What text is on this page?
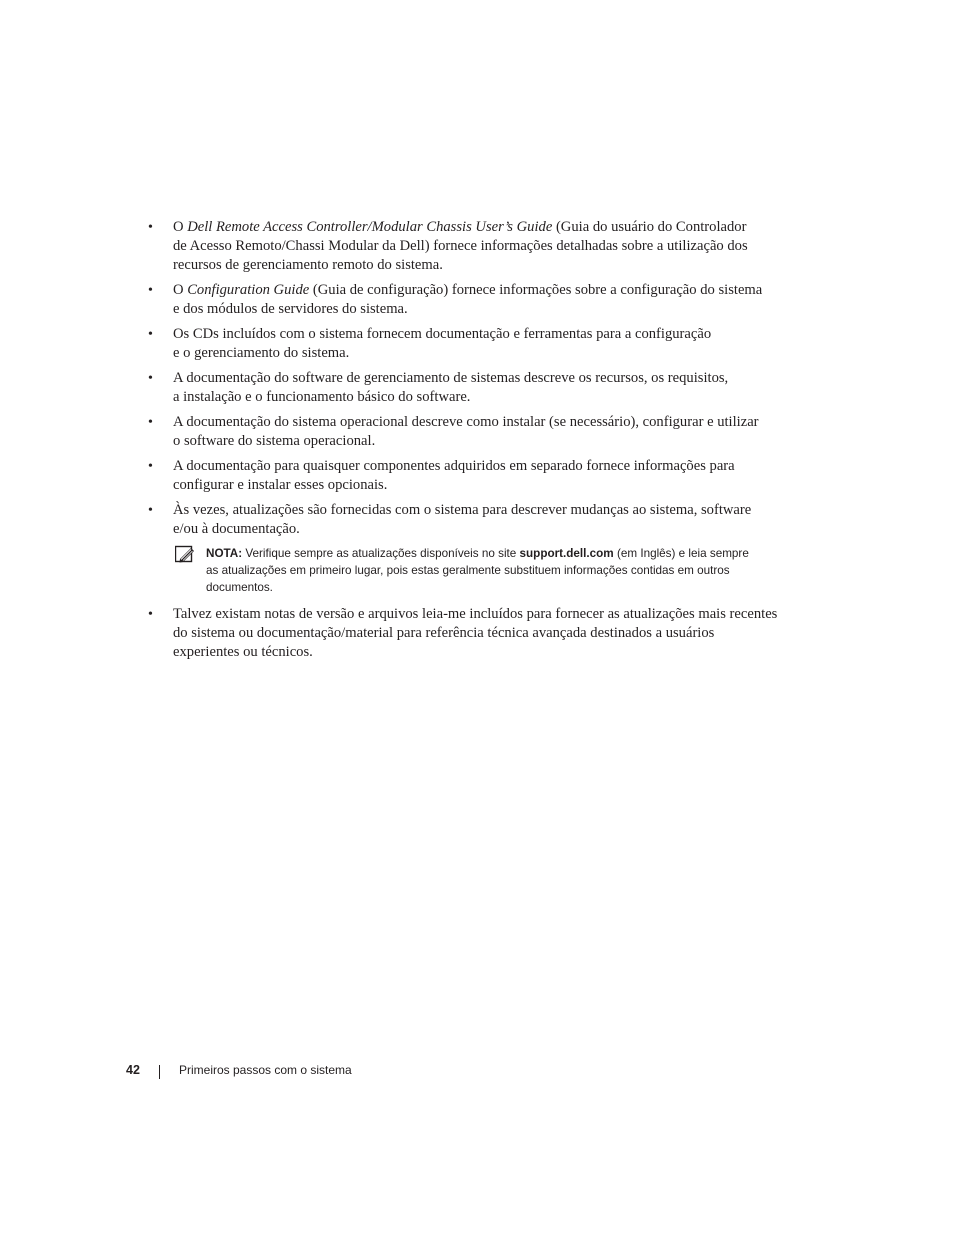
• O Dell Remote Access Controller/Modular Chassis User’s Guide (Guia do usuário do Controlador
de Acesso Remoto/Chassi Modular da Dell) fornece informações detalhadas sobre a utilização dos
recursos de gerenciamento remoto do sistema.
• O Configuration Guide (Guia de configuração) fornece informações sobre a configuração do sistema
e dos módulos de servidores do sistema.
• Os CDs incluídos com o sistema fornecem documentação e ferramentas para a configuração
e o gerenciamento do sistema.
• A documentação do software de gerenciamento de sistemas descreve os recursos, os requisitos,
a instalação e o funcionamento básico do software.
• A documentação do sistema operacional descreve como instalar (se necessário), configurar e utilizar
o software do sistema operacional.
• A documentação para quaisquer componentes adquiridos em separado fornece informações para
configurar e instalar esses opcionais.
• Às vezes, atualizações são fornecidas com o sistema para descrever mudanças ao sistema, software
e/ou à documentação.
NOTA: Verifique sempre as atualizações disponíveis no site support.dell.com (em Inglês) e leia sempre
as atualizações em primeiro lugar, pois estas geralmente substituem informações contidas em outros
documentos.
• Talvez existam notas de versão e arquivos leia-me incluídos para fornecer as atualizações mais recentes
do sistema ou documentação/material para referência técnica avançada destinados a usuários
experientes ou técnicos.
42	Primeiros passos com o sistema
